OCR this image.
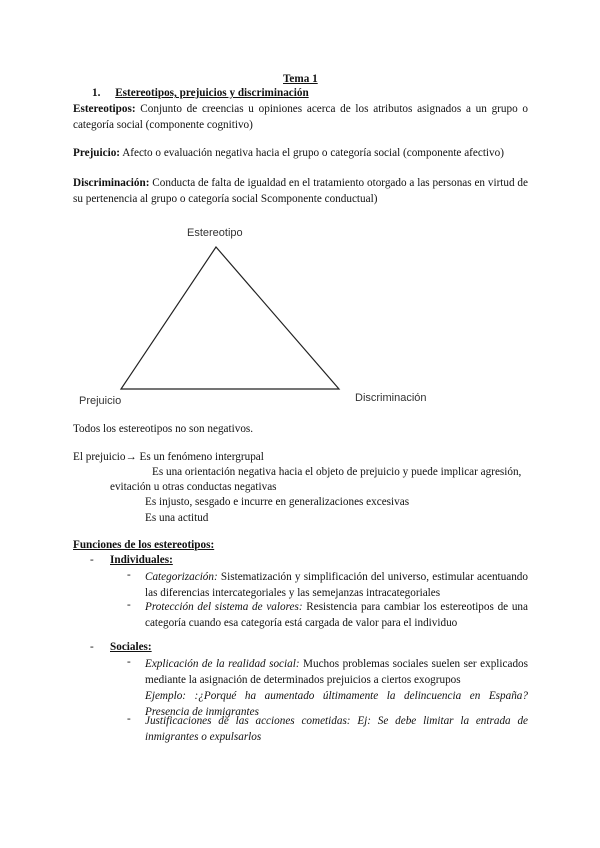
Tema 1
1. Estereotipos, prejuicios y discriminación
Estereotipos: Conjunto de creencias u opiniones acerca de los atributos asignados a un grupo o categoría social (componente cognitivo)
Prejuicio: Afecto o evaluación negativa hacia el grupo o categoría social (componente afectivo)
Discriminación: Conducta de falta de igualdad en el tratamiento otorgado a las personas en virtud de su pertenencia al grupo o categoría social Scomponente conductual)
Estereotipo
Prejuicio	Discriminación
Todos los estereotipos no son negativos.
El prejuicio→ Es un fenómeno intergrupal
Es una orientación negativa hacia el objeto de prejuicio y puede implicar agresión,
evitación u otras conductas negativas
Es injusto, sesgado e incurre en generalizaciones excesivas
Es una actitud
Funciones de los estereotipos:
- Individuales:
- Categorización: Sistematización y simplificación del universo, estimular acentuando las diferencias intercategoriales y las semejanzas intracategoriales
- Protección del sistema de valores: Resistencia para cambiar los estereotipos de una categoría cuando esa categoría está cargada de valor para el individuo
- Sociales:
- Explicación de la realidad social: Muchos problemas sociales suelen ser explicados mediante la asignación de determinados prejuicios a ciertos exogrupos
Ejemplo: :¿Porqué ha aumentado últimamente la delincuencia en España? Presencia de inmigrantes
- Justificaciones de las acciones cometidas: Ej: Se debe limitar la entrada de inmigrantes o expulsarlos
